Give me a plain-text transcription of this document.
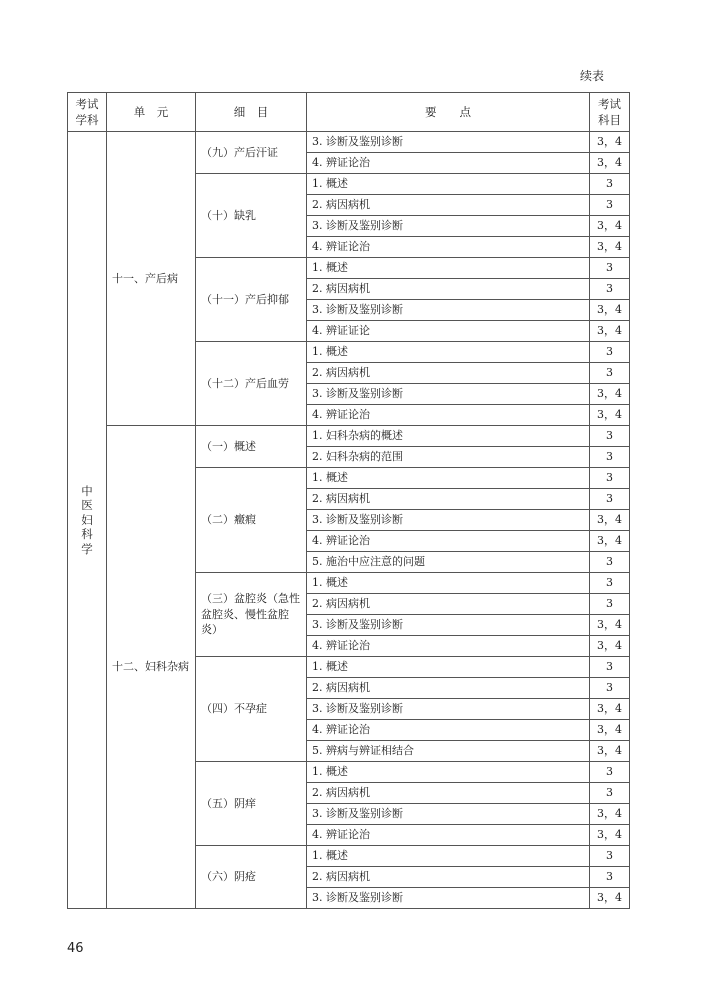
续表
考试学科	单　元	细　目	要　　点	考试科目

中医妇科学	十一、产后病	（九）产后汗证	3. 诊断及鉴别诊断	3，4
			4. 辨证论治	3，4
		（十）缺乳	1. 概述	3
			2. 病因病机	3
			3. 诊断及鉴别诊断	3，4
			4. 辨证论治	3，4
		（十一）产后抑郁	1. 概述	3
			2. 病因病机	3
			3. 诊断及鉴别诊断	3，4
			4. 辨证证论	3，4
		（十二）产后血劳	1. 概述	3
			2. 病因病机	3
			3. 诊断及鉴别诊断	3，4
			4. 辨证论治	3，4
	十二、妇科杂病	（一）概述	1. 妇科杂病的概述	3
			2. 妇科杂病的范围	3
		（二）癥瘕	1. 概述	3
			2. 病因病机	3
			3. 诊断及鉴别诊断	3，4
			4. 辨证论治	3，4
			5. 施治中应注意的问题	3
		（三）盆腔炎（急性盆腔炎、慢性盆腔炎）	1. 概述	3
			2. 病因病机	3
			3. 诊断及鉴别诊断	3，4
			4. 辨证论治	3，4
		（四）不孕症	1. 概述	3
			2. 病因病机	3
			3. 诊断及鉴别诊断	3，4
			4. 辨证论治	3，4
			5. 辨病与辨证相结合	3，4
		（五）阴痒	1. 概述	3
			2. 病因病机	3
			3. 诊断及鉴别诊断	3，4
			4. 辨证论治	3，4
		（六）阴疮	1. 概述	3
			2. 病因病机	3
			3. 诊断及鉴别诊断	3，4
46
